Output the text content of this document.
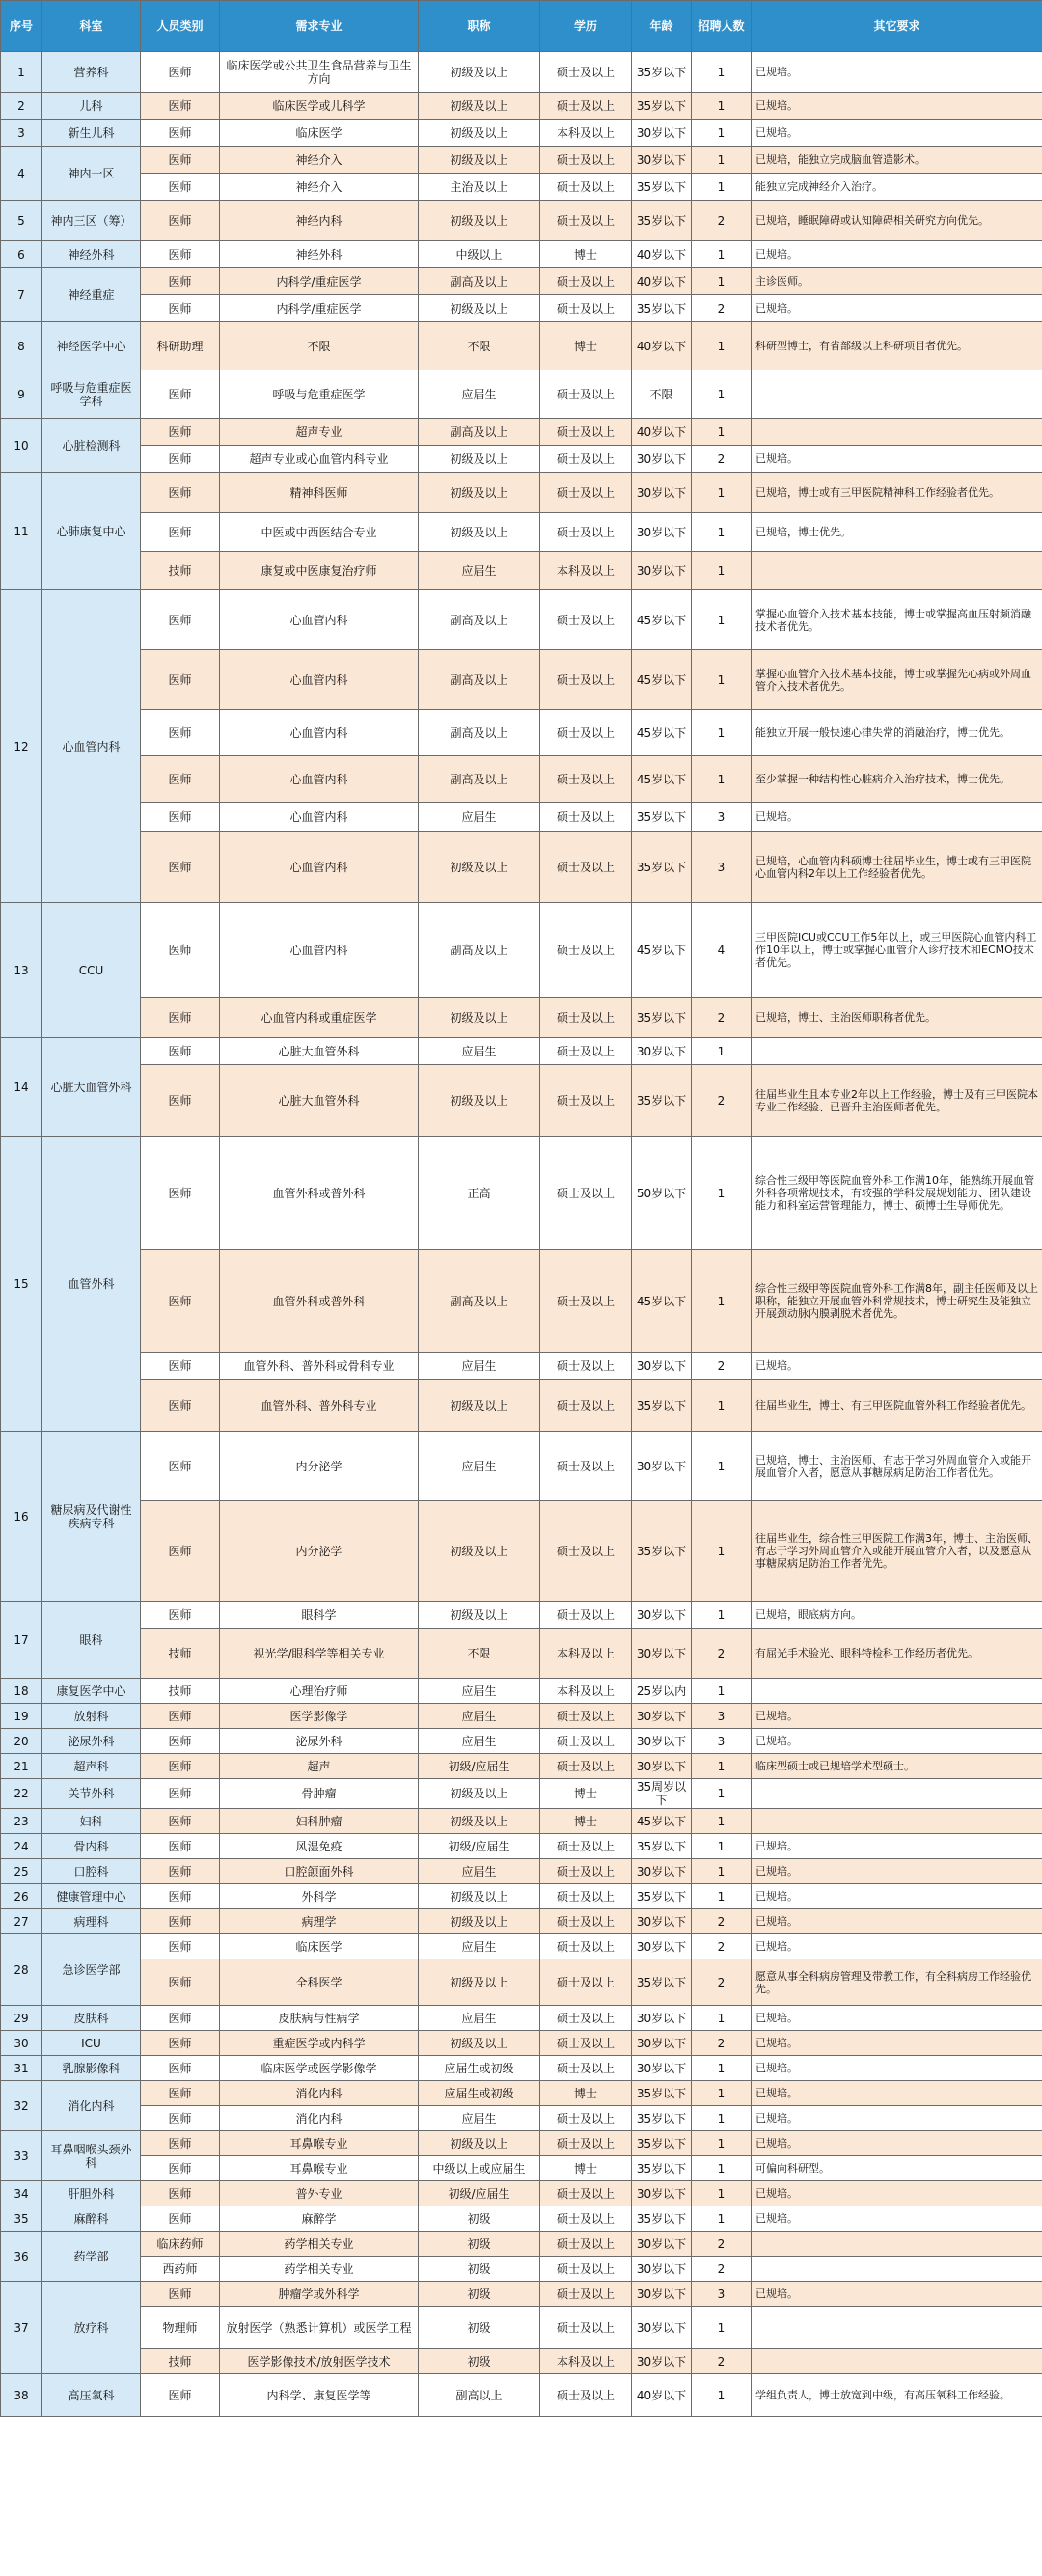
序号	科室	人员类别	需求专业	职称	学历	年龄	招聘人数	其它要求
1	营养科	医师	临床医学或公共卫生食品营养与卫生方向	初级及以上	硕士及以上	35岁以下	1	已规培。
2	儿科	医师	临床医学或儿科学	初级及以上	硕士及以上	35岁以下	1	已规培。
3	新生儿科	医师	临床医学	初级及以上	本科及以上	30岁以下	1	已规培。
4	神内一区	医师	神经介入	初级及以上	硕士及以上	30岁以下	1	已规培，能独立完成脑血管造影术。
		医师	神经介入	主治及以上	硕士及以上	35岁以下	1	能独立完成神经介入治疗。
5	神内三区（筹）	医师	神经内科	初级及以上	硕士及以上	35岁以下	2	已规培，睡眠障碍或认知障碍相关研究方向优先。
6	神经外科	医师	神经外科	中级以上	博士	40岁以下	1	已规培。
7	神经重症	医师	内科学/重症医学	副高及以上	硕士及以上	40岁以下	1	主诊医师。
		医师	内科学/重症医学	初级及以上	硕士及以上	35岁以下	2	已规培。
8	神经医学中心	科研助理	不限	不限	博士	40岁以下	1	科研型博士，有省部级以上科研项目者优先。
9	呼吸与危重症医学科	医师	呼吸与危重症医学	应届生	硕士及以上	不限	1	
10	心脏检测科	医师	超声专业	副高及以上	硕士及以上	40岁以下	1	
		医师	超声专业或心血管内科专业	初级及以上	硕士及以上	30岁以下	2	已规培。
11	心肺康复中心	医师	精神科医师	初级及以上	硕士及以上	30岁以下	1	已规培，博士或有三甲医院精神科工作经验者优先。
		医师	中医或中西医结合专业	初级及以上	硕士及以上	30岁以下	1	已规培，博士优先。
		技师	康复或中医康复治疗师	应届生	本科及以上	30岁以下	1	
12	心血管内科	医师	心血管内科	副高及以上	硕士及以上	45岁以下	1	掌握心血管介入技术基本技能，博士或掌握高血压射频消融技术者优先。
		医师	心血管内科	副高及以上	硕士及以上	45岁以下	1	掌握心血管介入技术基本技能，博士或掌握先心病或外周血管介入技术者优先。
		医师	心血管内科	副高及以上	硕士及以上	45岁以下	1	能独立开展一般快速心律失常的消融治疗，博士优先。
		医师	心血管内科	副高及以上	硕士及以上	45岁以下	1	至少掌握一种结构性心脏病介入治疗技术，博士优先。
		医师	心血管内科	应届生	硕士及以上	35岁以下	3	已规培。
		医师	心血管内科	初级及以上	硕士及以上	35岁以下	3	已规培，心血管内科硕博士往届毕业生，博士或有三甲医院心血管内科2年以上工作经验者优先。
13	CCU	医师	心血管内科	副高及以上	硕士及以上	45岁以下	4	三甲医院ICU或CCU工作5年以上，或三甲医院心血管内科工作10年以上，博士或掌握心血管介入诊疗技术和ECMO技术者优先。
		医师	心血管内科或重症医学	初级及以上	硕士及以上	35岁以下	2	已规培，博士、主治医师职称者优先。
14	心脏大血管外科	医师	心脏大血管外科	应届生	硕士及以上	30岁以下	1	
		医师	心脏大血管外科	初级及以上	硕士及以上	35岁以下	2	往届毕业生且本专业2年以上工作经验，博士及有三甲医院本专业工作经验、已晋升主治医师者优先。
15	血管外科	医师	血管外科或普外科	正高	硕士及以上	50岁以下	1	综合性三级甲等医院血管外科工作满10年，能熟练开展血管外科各项常规技术，有较强的学科发展规划能力、团队建设能力和科室运营管理能力，博士、硕博士生导师优先。
		医师	血管外科或普外科	副高及以上	硕士及以上	45岁以下	1	综合性三级甲等医院血管外科工作满8年，副主任医师及以上职称，能独立开展血管外科常规技术，博士研究生及能独立开展颈动脉内膜剥脱术者优先。
		医师	血管外科、普外科或骨科专业	应届生	硕士及以上	30岁以下	2	已规培。
		医师	血管外科、普外科专业	初级及以上	硕士及以上	35岁以下	1	往届毕业生，博士、有三甲医院血管外科工作经验者优先。
16	糖尿病及代谢性疾病专科	医师	内分泌学	应届生	硕士及以上	30岁以下	1	已规培，博士、主治医师、有志于学习外周血管介入或能开展血管介入者，愿意从事糖尿病足防治工作者优先。
		医师	内分泌学	初级及以上	硕士及以上	35岁以下	1	往届毕业生，综合性三甲医院工作满3年，博士、主治医师、有志于学习外周血管介入或能开展血管介入者，以及愿意从事糖尿病足防治工作者优先。
17	眼科	医师	眼科学	初级及以上	硕士及以上	30岁以下	1	已规培，眼底病方向。
		技师	视光学/眼科学等相关专业	不限	本科及以上	30岁以下	2	有屈光手术验光、眼科特检科工作经历者优先。
18	康复医学中心	技师	心理治疗师	应届生	本科及以上	25岁以内	1	
19	放射科	医师	医学影像学	应届生	硕士及以上	30岁以下	3	已规培。
20	泌尿外科	医师	泌尿外科	应届生	硕士及以上	30岁以下	3	已规培。
21	超声科	医师	超声	初级/应届生	硕士及以上	30岁以下	1	临床型硕士或已规培学术型硕士。
22	关节外科	医师	骨肿瘤	初级及以上	博士	35周岁以下	1	
23	妇科	医师	妇科肿瘤	初级及以上	博士	45岁以下	1	
24	骨内科	医师	风湿免疫	初级/应届生	硕士及以上	35岁以下	1	已规培。
25	口腔科	医师	口腔颌面外科	应届生	硕士及以上	30岁以下	1	已规培。
26	健康管理中心	医师	外科学	初级及以上	硕士及以上	35岁以下	1	已规培。
27	病理科	医师	病理学	初级及以上	硕士及以上	30岁以下	2	已规培。
28	急诊医学部	医师	临床医学	应届生	硕士及以上	30岁以下	2	已规培。
		医师	全科医学	初级及以上	硕士及以上	35岁以下	2	愿意从事全科病房管理及带教工作，有全科病房工作经验优先。
29	皮肤科	医师	皮肤病与性病学	应届生	硕士及以上	30岁以下	1	已规培。
30	ICU	医师	重症医学或内科学	初级及以上	硕士及以上	30岁以下	2	已规培。
31	乳腺影像科	医师	临床医学或医学影像学	应届生或初级	硕士及以上	30岁以下	1	已规培。
32	消化内科	医师	消化内科	应届生或初级	博士	35岁以下	1	已规培。
		医师	消化内科	应届生	硕士及以上	35岁以下	1	已规培。
33	耳鼻咽喉头颈外科	医师	耳鼻喉专业	初级及以上	硕士及以上	35岁以下	1	已规培。
		医师	耳鼻喉专业	中级以上或应届生	博士	35岁以下	1	可偏向科研型。
34	肝胆外科	医师	普外专业	初级/应届生	硕士及以上	30岁以下	1	已规培。
35	麻醉科	医师	麻醉学	初级	硕士及以上	35岁以下	1	已规培。
36	药学部	临床药师	药学相关专业	初级	硕士及以上	30岁以下	2	
		西药师	药学相关专业	初级	硕士及以上	30岁以下	2	
37	放疗科	医师	肿瘤学或外科学	初级	硕士及以上	30岁以下	3	已规培。
		物理师	放射医学（熟悉计算机）或医学工程	初级	硕士及以上	30岁以下	1	
		技师	医学影像技术/放射医学技术	初级	本科及以上	30岁以下	2	
38	高压氧科	医师	内科学、康复医学等	副高以上	硕士及以上	40岁以下	1	学组负责人，博士放宽到中级，有高压氧科工作经验。
